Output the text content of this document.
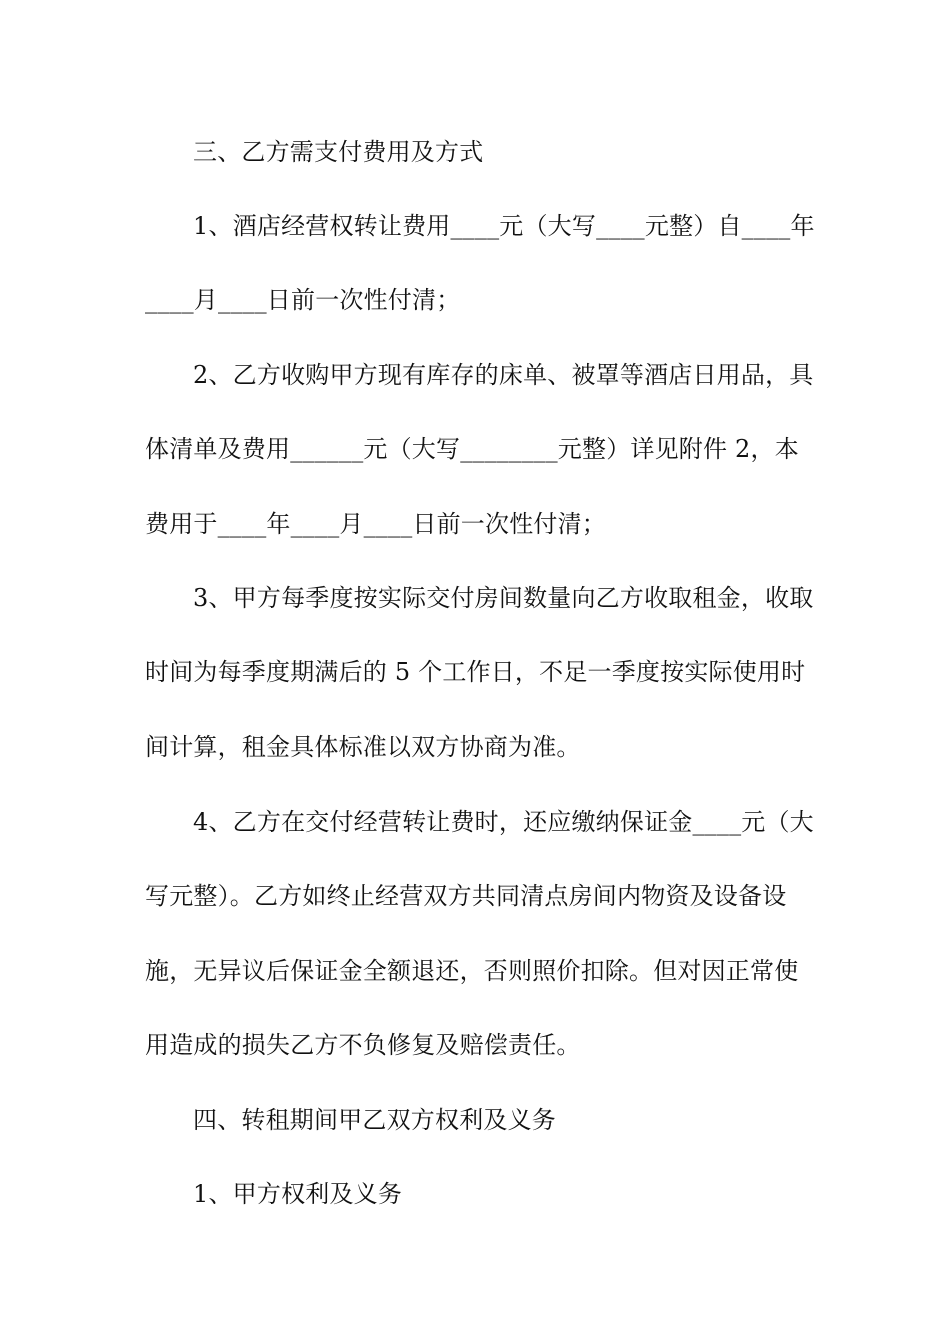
三、乙方需支付费用及方式
1、酒店经营权转让费用____元（大写____元整）自____年
____月____日前一次性付清；
2、乙方收购甲方现有库存的床单、被罩等酒店日用品，具
体清单及费用______元（大写________元整）详见附件 2，本
费用于____年____月____日前一次性付清；
3、甲方每季度按实际交付房间数量向乙方收取租金，收取
时间为每季度期满后的 5 个工作日，不足一季度按实际使用时
间计算，租金具体标准以双方协商为准。
4、乙方在交付经营转让费时，还应缴纳保证金____元（大
写元整）。乙方如终止经营双方共同清点房间内物资及设备设
施，无异议后保证金全额退还，否则照价扣除。但对因正常使
用造成的损失乙方不负修复及赔偿责任。
四、转租期间甲乙双方权利及义务
1、甲方权利及义务
